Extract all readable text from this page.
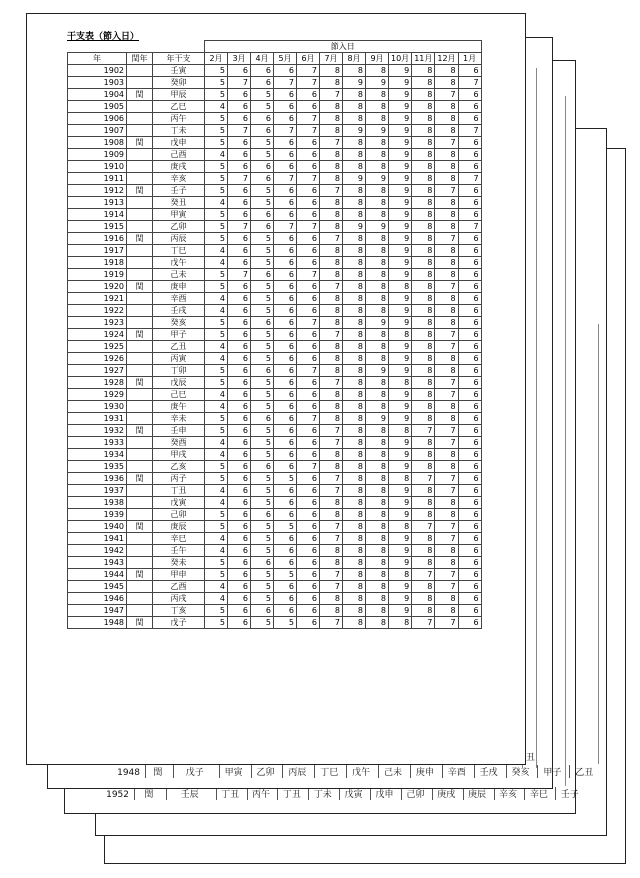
1952 閏	壬辰 丁丑 丙午 丁丑 丁未 戊寅 戊申 己卯 庚戌 庚辰 辛亥 辛巳 壬子
1948 閏	戊子 甲寅 乙卯 丙辰 丁巳 戊午 己未 庚申 辛酉 壬戌 癸亥 甲子 乙丑
干支表（節入日）
			節入日											
年	閏年	年干支	2月	3月	4月	5月	6月	7月	8月	9月	10月	11月	12月	1月
1902		壬寅	5	6	6	6	7	8	8	8	9	8	8	6
1903		癸卯	5	7	6	7	7	8	9	9	9	8	8	7
1904	閏	甲辰	5	6	5	6	6	7	8	8	9	8	7	6
1905		乙巳	4	6	5	6	6	8	8	8	9	8	8	6
1906		丙午	5	6	6	6	7	8	8	8	9	8	8	6
1907		丁未	5	7	6	7	7	8	9	9	9	8	8	7
1908	閏	戊申	5	6	5	6	6	7	8	8	9	8	7	6
1909		己酉	4	6	5	6	6	8	8	8	9	8	8	6
1910		庚戌	5	6	6	6	6	8	8	8	9	8	8	6
1911		辛亥	5	7	6	7	7	8	9	9	9	8	8	7
1912	閏	壬子	5	6	5	6	6	7	8	8	9	8	7	6
1913		癸丑	4	6	5	6	6	8	8	8	9	8	8	6
1914		甲寅	5	6	6	6	6	8	8	8	9	8	8	6
1915		乙卯	5	7	6	7	7	8	9	9	9	8	8	7
1916	閏	丙辰	5	6	5	6	6	7	8	8	9	8	7	6
1917		丁巳	4	6	5	6	6	8	8	8	9	8	8	6
1918		戊午	4	6	5	6	6	8	8	8	9	8	8	6
1919		己未	5	7	6	6	7	8	8	8	9	8	8	6
1920	閏	庚申	5	6	5	6	6	7	8	8	8	8	7	6
1921		辛酉	4	6	5	6	6	8	8	8	9	8	8	6
1922		壬戌	4	6	5	6	6	8	8	8	9	8	8	6
1923		癸亥	5	6	6	6	7	8	8	9	9	8	8	6
1924	閏	甲子	5	6	5	6	6	7	8	8	8	8	7	6
1925		乙丑	4	6	5	6	6	8	8	8	9	8	7	6
1926		丙寅	4	6	5	6	6	8	8	8	9	8	8	6
1927		丁卯	5	6	6	6	7	8	8	9	9	8	8	6
1928	閏	戊辰	5	6	5	6	6	7	8	8	8	8	7	6
1929		己巳	4	6	5	6	6	8	8	8	9	8	7	6
1930		庚午	4	6	5	6	6	8	8	8	9	8	8	6
1931		辛未	5	6	6	6	7	8	8	9	9	8	8	6
1932	閏	壬申	5	6	5	6	6	7	8	8	8	7	7	6
1933		癸酉	4	6	5	6	6	7	8	8	9	8	7	6
1934		甲戌	4	6	5	6	6	8	8	8	9	8	8	6
1935		乙亥	5	6	6	6	7	8	8	8	9	8	8	6
1936	閏	丙子	5	6	5	5	6	7	8	8	8	7	7	6
1937		丁丑	4	6	5	6	6	7	8	8	9	8	7	6
1938		戊寅	4	6	5	6	6	8	8	8	9	8	8	6
1939		己卯	5	6	6	6	6	8	8	8	9	8	8	6
1940	閏	庚辰	5	6	5	5	6	7	8	8	8	7	7	6
1941		辛巳	4	6	5	6	6	7	8	8	9	8	7	6
1942		壬午	4	6	5	6	6	8	8	8	9	8	8	6
1943		癸未	5	6	6	6	6	8	8	8	9	8	8	6
1944	閏	甲申	5	6	5	5	6	7	8	8	8	7	7	6
1945		乙酉	4	6	5	6	6	7	8	8	9	8	7	6
1946		丙戌	4	6	5	6	6	8	8	8	9	8	8	6
1947		丁亥	5	6	6	6	6	8	8	8	9	8	8	6
1948	閏	戊子	5	6	5	5	6	7	8	8	8	7	7	6
丑
